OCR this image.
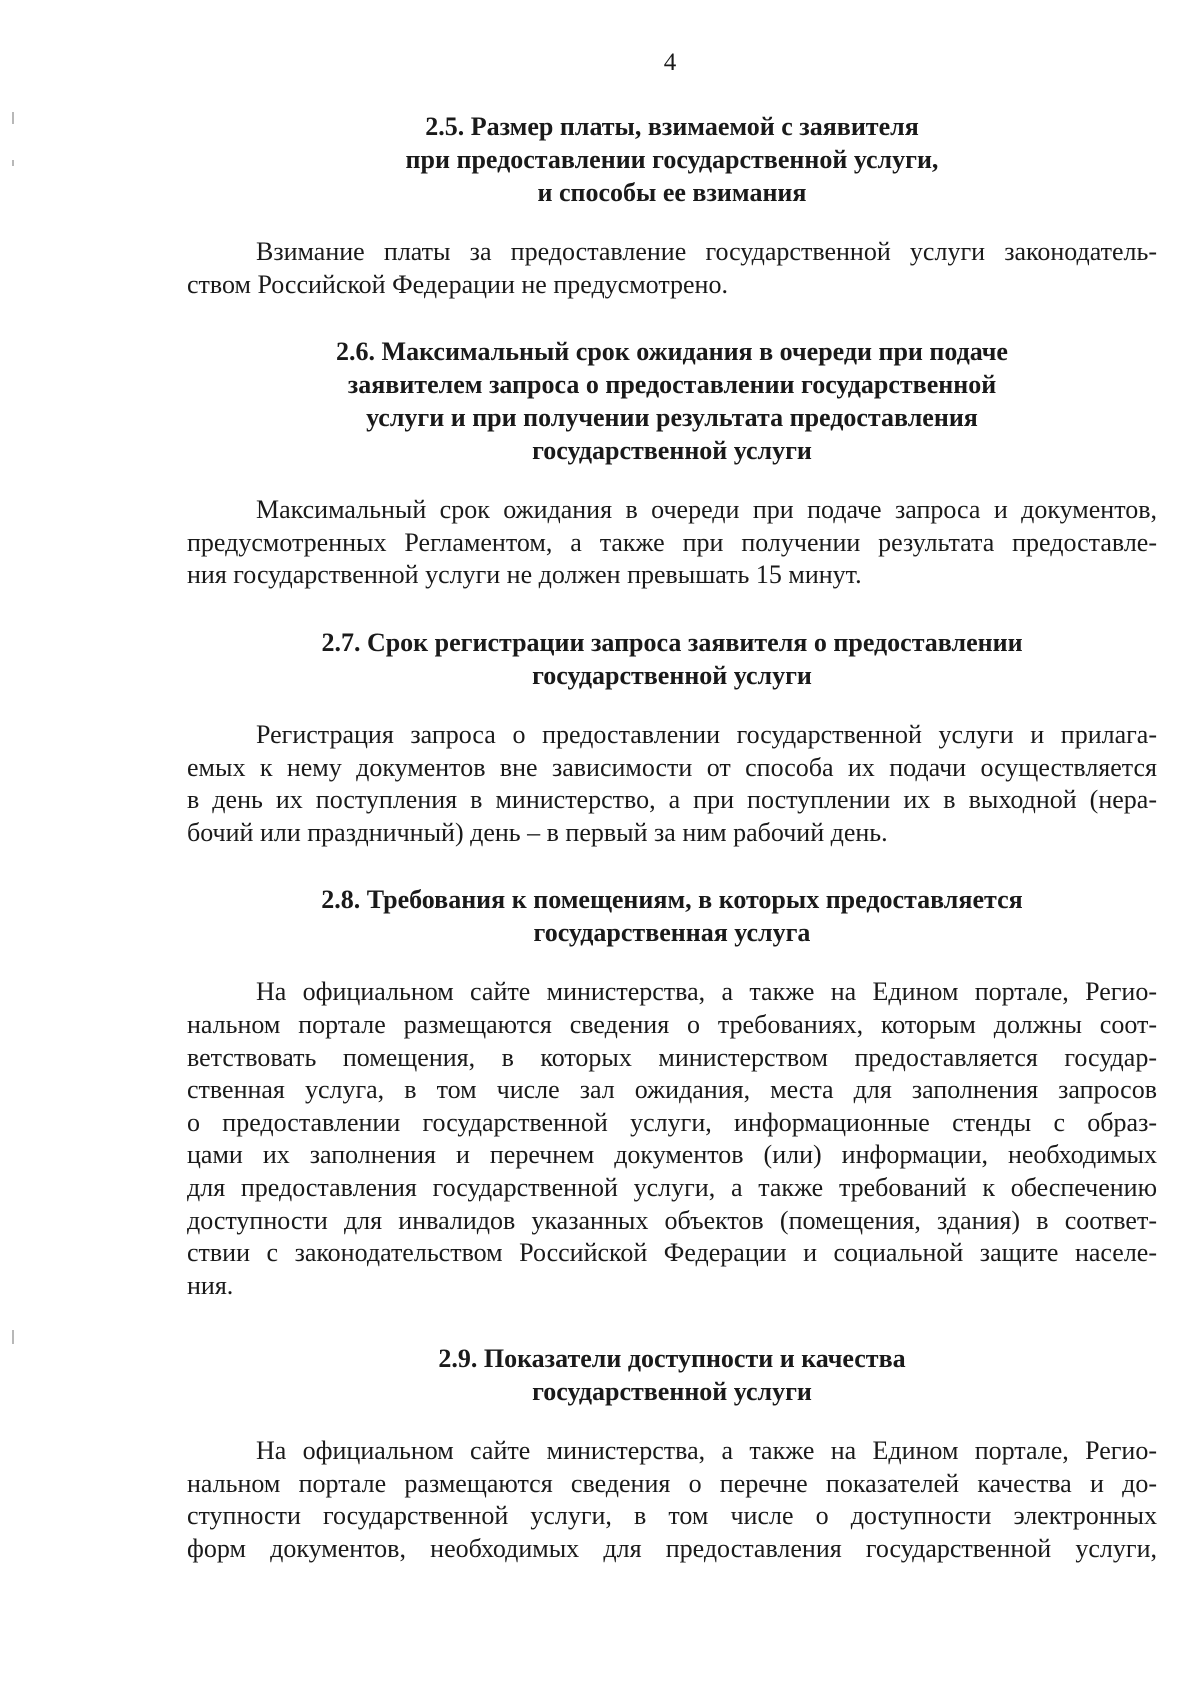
4
2.5. Размер платы, взимаемой с заявителя
при предоставлении государственной услуги,
и способы ее взимания
Взимание платы за предоставление государственной услуги законодатель-
ством Российской Федерации не предусмотрено.
2.6. Максимальный срок ожидания в очереди при подаче
заявителем запроса о предоставлении государственной
услуги и при получении результата предоставления
государственной услуги
Максимальный срок ожидания в очереди при подаче запроса и документов,
предусмотренных Регламентом, а также при получении результата предоставле-
ния государственной услуги не должен превышать 15 минут.
2.7. Срок регистрации запроса заявителя о предоставлении
государственной услуги
Регистрация запроса о предоставлении государственной услуги и прилага-
емых к нему документов вне зависимости от способа их подачи осуществляется
в день их поступления в министерство, а при поступлении их в выходной (нера-
бочий или праздничный) день – в первый за ним рабочий день.
2.8. Требования к помещениям, в которых предоставляется
государственная услуга
На официальном сайте министерства, а также на Едином портале, Регио-
нальном портале размещаются сведения о требованиях, которым должны соот-
ветствовать помещения, в которых министерством предоставляется государ-
ственная услуга, в том числе зал ожидания, места для заполнения запросов
о предоставлении государственной услуги, информационные стенды с образ-
цами их заполнения и перечнем документов (или) информации, необходимых
для предоставления государственной услуги, а также требований к обеспечению
доступности для инвалидов указанных объектов (помещения, здания) в соответ-
ствии с законодательством Российской Федерации и социальной защите населе-
ния.
2.9. Показатели доступности и качества
государственной услуги
На официальном сайте министерства, а также на Едином портале, Регио-
нальном портале размещаются сведения о перечне показателей качества и до-
ступности государственной услуги, в том числе о доступности электронных
форм документов, необходимых для предоставления государственной услуги,
